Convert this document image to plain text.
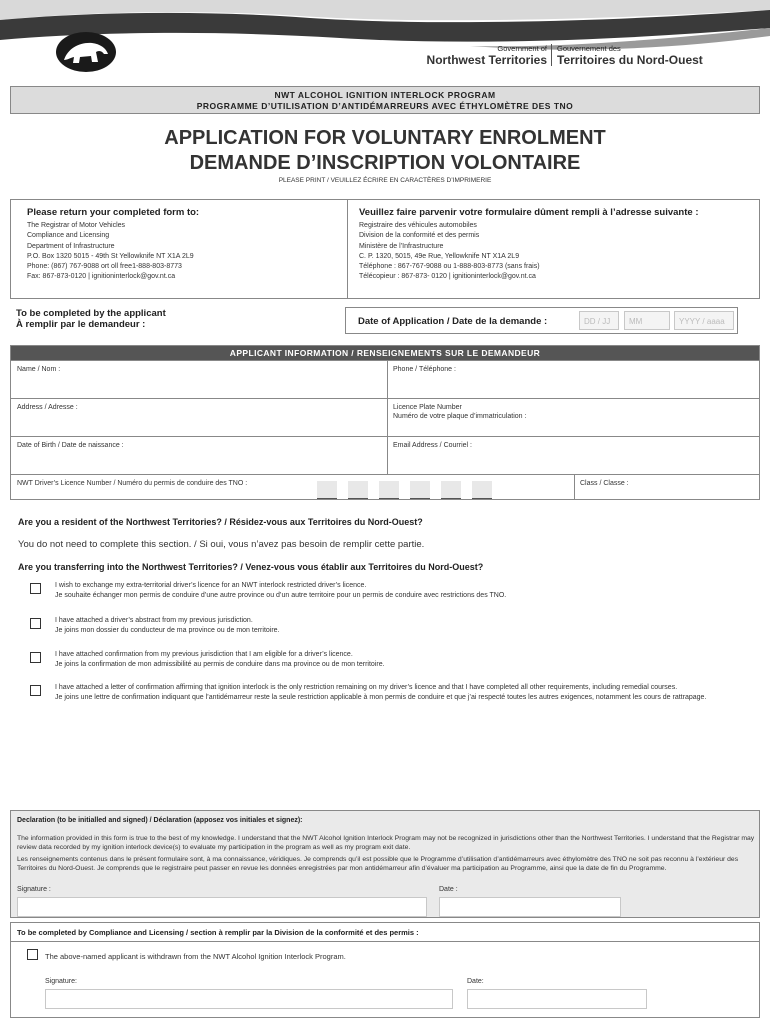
Government of
Northwest Territories
Gouvernement des
Territoires du Nord-Ouest
NWT ALCOHOL IGNITION INTERLOCK PROGRAM
PROGRAMME D’UTILISATION D’ANTIDÉMARREURS AVEC ÉTHYLOMÈTRE DES TNO
APPLICATION FOR VOLUNTARY ENROLMENT
DEMANDE D’INSCRIPTION VOLONTAIRE
PLEASE PRINT / VEUILLEZ ÉCRIRE EN CARACTÈRES D’IMPRIMERIE
Please return your completed form to:
The Registrar of Motor Vehicles
Compliance and Licensing
Department of Infrastructure
P.O. Box 1320 5015 - 49th St Yellowknife NT X1A 2L9
Phone: (867) 767-9088 ort oll free1-888-803-8773
Fax: 867-873-0120 | ignitioninterlock@gov.nt.ca
Veuillez faire parvenir votre formulaire dûment rempli à l’adresse suivante :
Registraire des véhicules automobiles
Division de la conformité et des permis
Ministère de l’Infrastructure
C. P. 1320, 5015, 49e Rue, Yellowknife NT X1A 2L9
Téléphone : 867-767-9088 ou 1-888-803-8773 (sans frais)
Télécopieur : 867-873- 0120 | ignitioninterlock@gov.nt.ca
To be completed by the applicant
À remplir par le demandeur :	Date of Application / Date de la demande :	DD / JJ	MM	YYYY / aaaa
APPLICANT INFORMATION / RENSEIGNEMENTS SUR LE DEMANDEUR
Name / Nom :	Phone / Téléphone :
Address / Adresse :	Licence Plate Number
Numéro de votre plaque d’immatriculation :
Date of Birth / Date de naissance :	Email Address / Courriel :
NWT Driver’s Licence Number / Numéro du permis de conduire des TNO :	Class / Classe :
Are you a resident of the Northwest Territories? / Résidez-vous aux Territoires du Nord-Ouest?
You do not need to complete this section. / Si oui, vous n’avez pas besoin de remplir cette partie.
Are you transferring into the Northwest Territories? / Venez-vous vous établir aux Territoires du Nord-Ouest?
I wish to exchange my extra-territorial driver’s licence for an NWT interlock restricted driver’s licence.
Je souhaite échanger mon permis de conduire d’une autre province ou d’un autre territoire pour un permis de conduire avec restrictions des TNO.
I have attached a driver’s abstract from my previous jurisdiction.
Je joins mon dossier du conducteur de ma province ou de mon territoire.
I have attached confirmation from my previous jurisdiction that I am eligible for a driver’s licence.
Je joins la confirmation de mon admissibilité au permis de conduire dans ma province ou de mon territoire.
I have attached a letter of confirmation affirming that ignition interlock is the only restriction remaining on my driver’s licence and that I have completed all other requirements, including remedial courses.
Je joins une lettre de confirmation indiquant que l’antidémarreur reste la seule restriction applicable à mon permis de conduire et que j’ai respecté toutes les autres exigences, notamment les cours de rattrapage.
Declaration (to be initialled and signed) / Déclaration (apposez vos initiales et signez):
The information provided in this form is true to the best of my knowledge. I understand that the NWT Alcohol Ignition Interlock Program may not be recognized in jurisdictions other than the Northwest Territories. I understand that the Registrar may review data recorded by my ignition interlock device(s) to evaluate my participation in the program as well as my program exit date.
Les renseignements contenus dans le présent formulaire sont, à ma connaissance, véridiques. Je comprends qu’il est possible que le Programme d’utilisation d’antidémarreurs avec éthylomètre des TNO ne soit pas reconnu à l’extérieur des Territoires du Nord-Ouest. Je comprends que le registraire peut passer en revue les données enregistrées par mon antidémarreur afin d’évaluer ma participation au Programme, ainsi que la date de fin du Programme.
Signature :	Date :
To be completed by Compliance and Licensing / section à remplir par la Division de la conformité et des permis :
The above-named applicant is withdrawn from the NWT Alcohol Ignition Interlock Program.
Signature:	Date:
